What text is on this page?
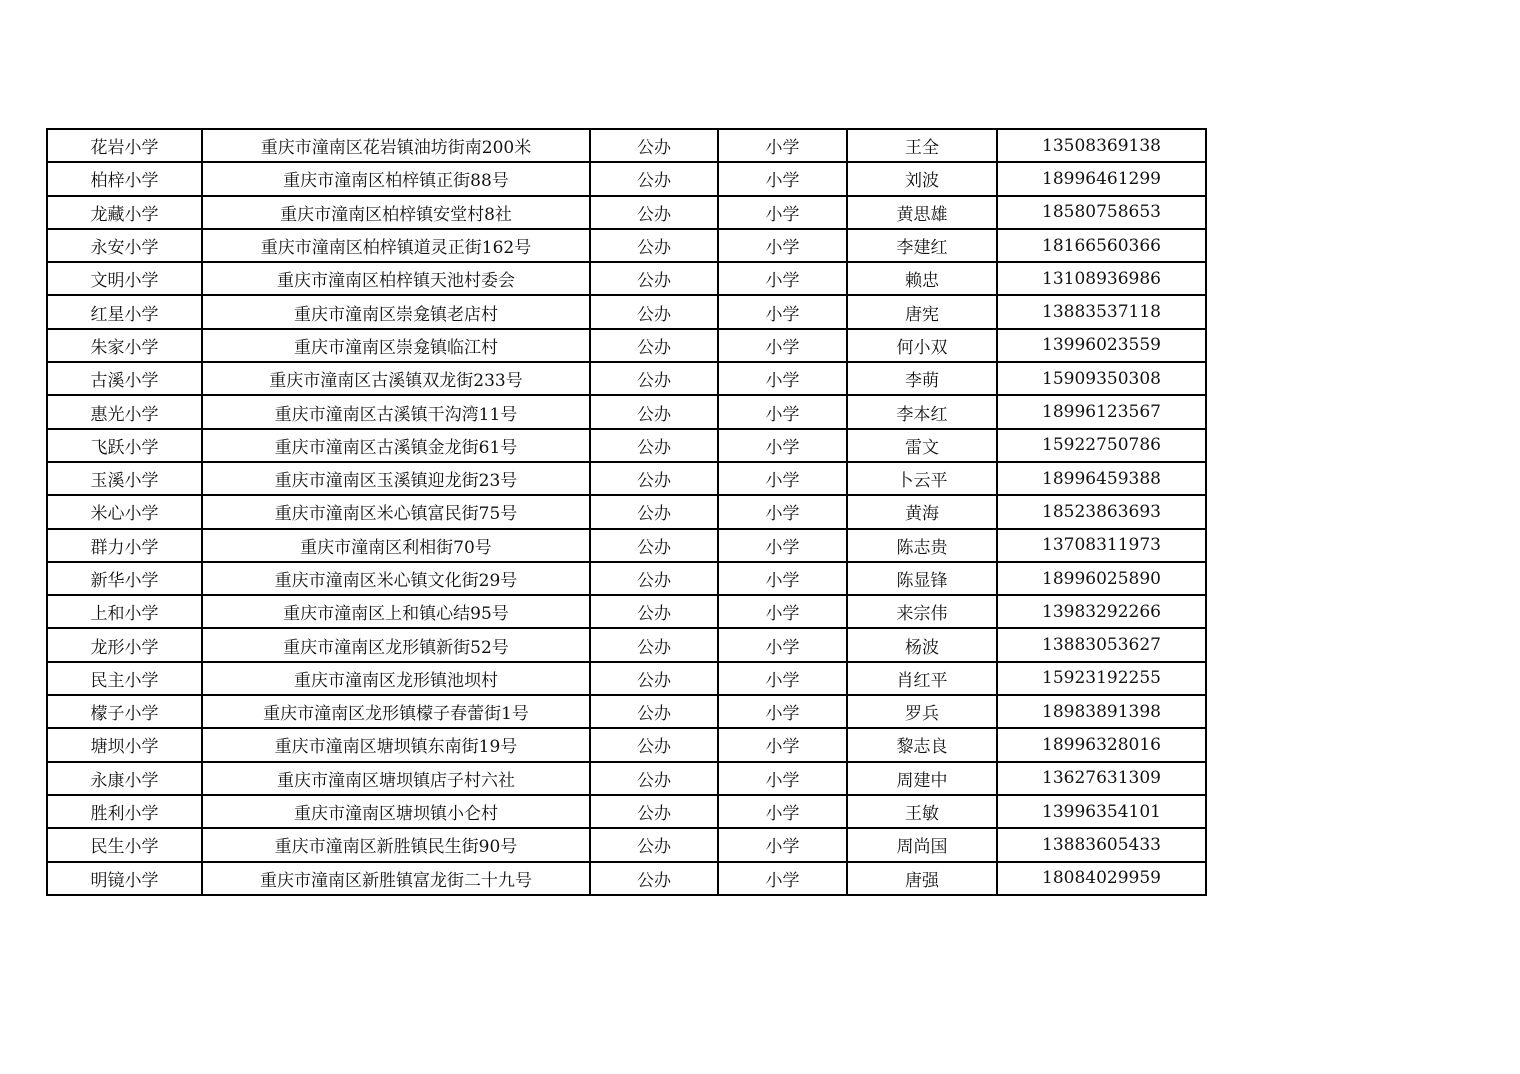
花岩小学	重庆市潼南区花岩镇油坊街南200米	公办	小学	王全	13508369138
柏梓小学	重庆市潼南区柏梓镇正街88号	公办	小学	刘波	18996461299
龙藏小学	重庆市潼南区柏梓镇安堂村8社	公办	小学	黄思雄	18580758653
永安小学	重庆市潼南区柏梓镇道灵正街162号	公办	小学	李建红	18166560366
文明小学	重庆市潼南区柏梓镇天池村委会	公办	小学	赖忠	13108936986
红星小学	重庆市潼南区崇龛镇老店村	公办	小学	唐宪	13883537118
朱家小学	重庆市潼南区崇龛镇临江村	公办	小学	何小双	13996023559
古溪小学	重庆市潼南区古溪镇双龙街233号	公办	小学	李萌	15909350308
惠光小学	重庆市潼南区古溪镇干沟湾11号	公办	小学	李本红	18996123567
飞跃小学	重庆市潼南区古溪镇金龙街61号	公办	小学	雷文	15922750786
玉溪小学	重庆市潼南区玉溪镇迎龙街23号	公办	小学	卜云平	18996459388
米心小学	重庆市潼南区米心镇富民街75号	公办	小学	黄海	18523863693
群力小学	重庆市潼南区利相街70号	公办	小学	陈志贵	13708311973
新华小学	重庆市潼南区米心镇文化街29号	公办	小学	陈显锋	18996025890
上和小学	重庆市潼南区上和镇心结95号	公办	小学	来宗伟	13983292266
龙形小学	重庆市潼南区龙形镇新街52号	公办	小学	杨波	13883053627
民主小学	重庆市潼南区龙形镇池坝村	公办	小学	肖红平	15923192255
檬子小学	重庆市潼南区龙形镇檬子春蕾街1号	公办	小学	罗兵	18983891398
塘坝小学	重庆市潼南区塘坝镇东南街19号	公办	小学	黎志良	18996328016
永康小学	重庆市潼南区塘坝镇店子村六社	公办	小学	周建中	13627631309
胜利小学	重庆市潼南区塘坝镇小仑村	公办	小学	王敏	13996354101
民生小学	重庆市潼南区新胜镇民生街90号	公办	小学	周尚国	13883605433
明镜小学	重庆市潼南区新胜镇富龙街二十九号	公办	小学	唐强	18084029959
